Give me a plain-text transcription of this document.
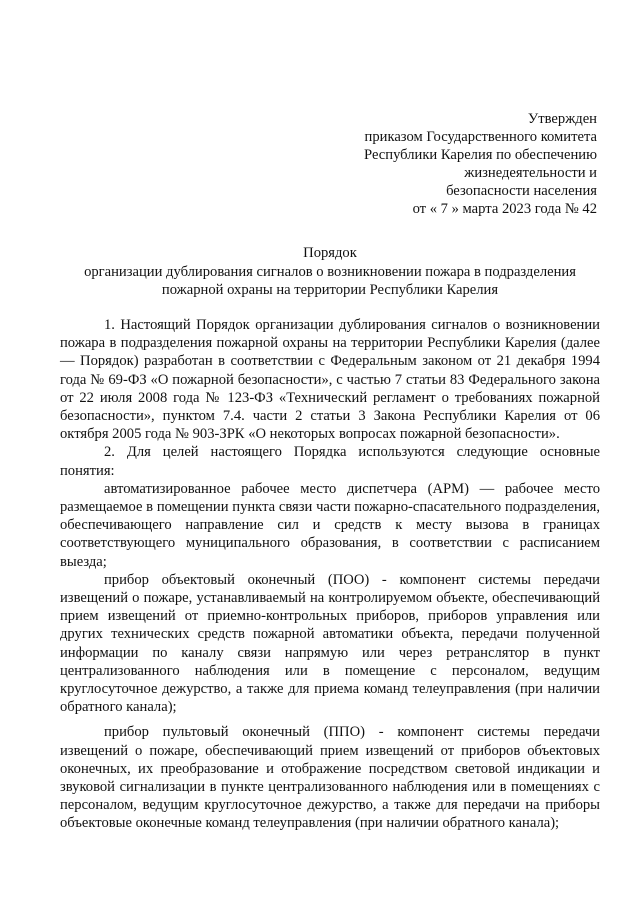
Утвержден
приказом Государственного комитета
Республики Карелия по обеспечению
жизнедеятельности и
безопасности населения
от « 7 » марта 2023 года № 42
Порядок
организации дублирования сигналов о возникновении пожара в подразделения
пожарной охраны на территории Республики Карелия

1. Настоящий Порядок организации дублирования сигналов о возникновении пожара в подразделения пожарной охраны на территории Республики Карелия (далее — Порядок) разработан в соответствии с Федеральным законом от 21 декабря 1994 года № 69-ФЗ «О пожарной безопасности», с частью 7 статьи 83 Федерального закона от 22 июля 2008 года № 123-ФЗ «Технический регламент о требованиях пожарной безопасности», пунктом 7.4. части 2 статьи 3 Закона Республики Карелия от 06 октября 2005 года № 903-ЗРК «О некоторых вопросах пожарной безопасности».

2. Для целей настоящего Порядка используются следующие основные понятия:

автоматизированное рабочее место диспетчера (АРМ) — рабочее место размещаемое в помещении пункта связи части пожарно-спасательного подразделения, обеспечивающего направление сил и средств к месту вызова в границах соответствующего муниципального образования, в соответствии с расписанием выезда;

прибор объектовый оконечный (ПОО) - компонент системы передачи извещений о пожаре, устанавливаемый на контролируемом объекте, обеспечивающий прием извещений от приемно-контрольных приборов, приборов управления или других технических средств пожарной автоматики объекта, передачи полученной информации по каналу связи напрямую или через ретранслятор в пункт централизованного наблюдения или в помещение с персоналом, ведущим круглосуточное дежурство, а также для приема команд телеуправления (при наличии обратного канала);

прибор пультовый оконечный (ППО) - компонент системы передачи извещений о пожаре, обеспечивающий прием извещений от приборов объектовых оконечных, их преобразование и отображение посредством световой индикации и звуковой сигнализации в пункте централизованного наблюдения или в помещениях с персоналом, ведущим круглосуточное дежурство, а также для передачи на приборы объектовые оконечные команд телеуправления (при наличии обратного канала);
